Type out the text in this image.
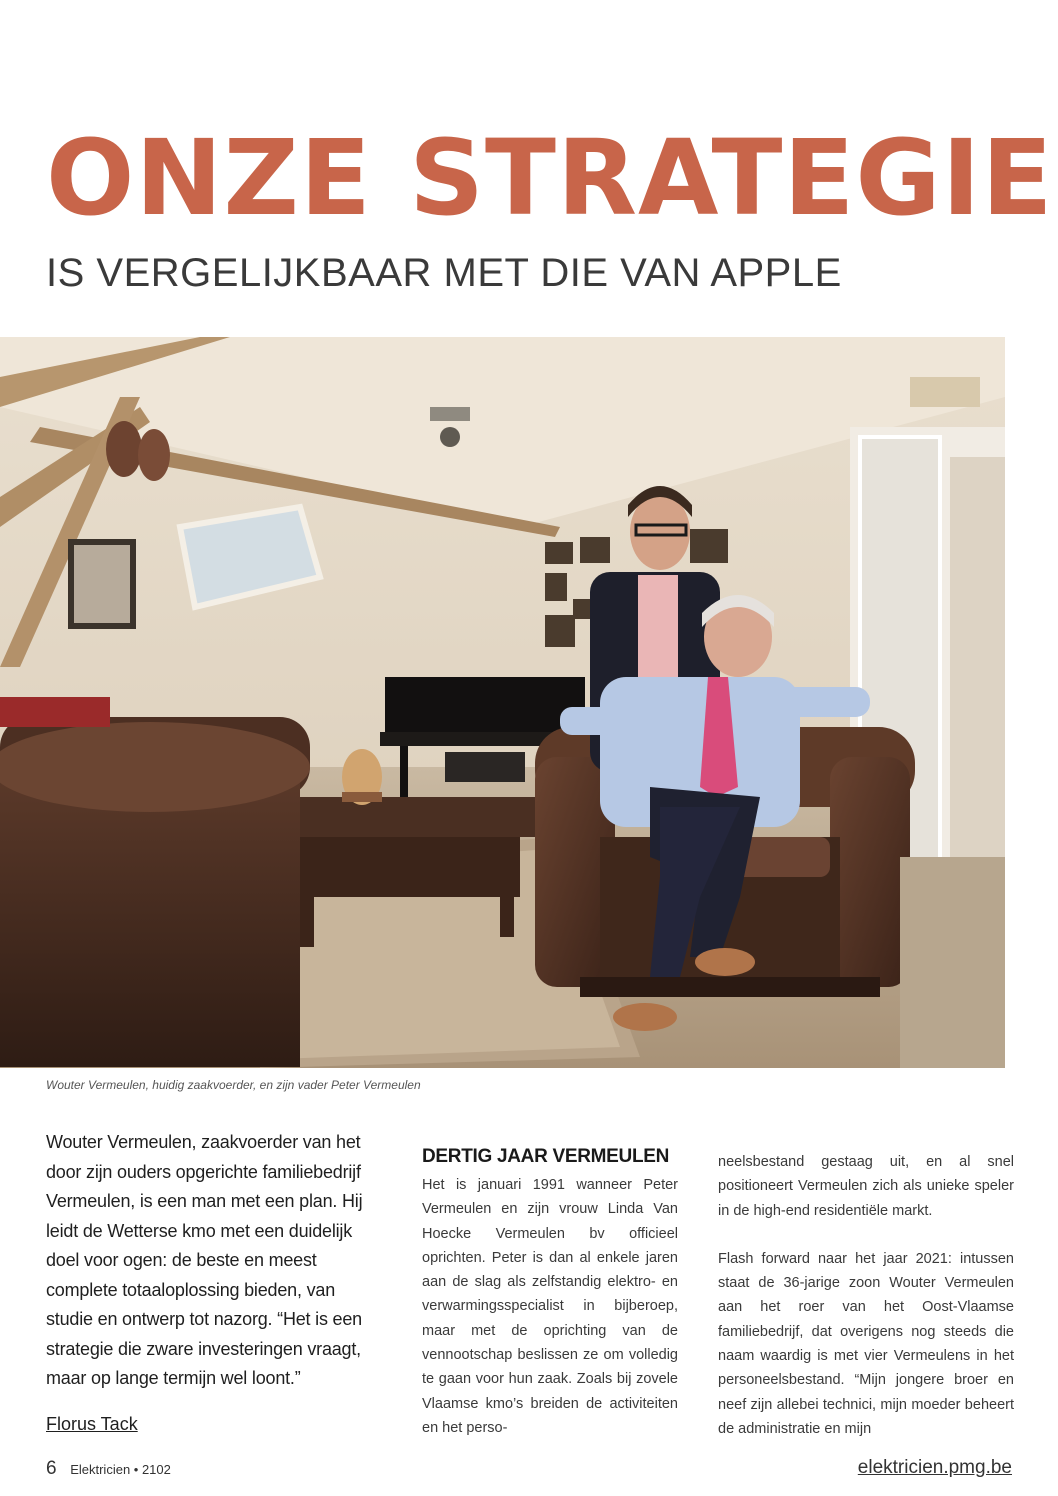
ONZE STRATEGIE
IS VERGELIJKBAAR MET DIE VAN APPLE
Wouter Vermeulen, huidig zaakvoerder, en zijn vader Peter Vermeulen

Wouter Vermeulen, zaakvoerder van het door zijn ouders opgerichte familiebedrijf Vermeulen, is een man met een plan. Hij leidt de Wetterse kmo met een duidelijk doel voor ogen: de beste en meest complete totaaloplossing bieden, van studie en ontwerp tot nazorg. “Het is een strategie die zware investeringen vraagt, maar op lange termijn wel loont.”

Florus Tack
DERTIG JAAR VERMEULEN

Het is januari 1991 wanneer Peter Vermeulen en zijn vrouw Linda Van Hoecke Vermeulen bv officieel oprichten. Peter is dan al enkele jaren aan de slag als zelfstandig elektro- en verwarmingsspecialist in bijberoep, maar met de oprichting van de vennootschap beslissen ze om volledig te gaan voor hun zaak. Zoals bij zovele Vlaamse kmo’s breiden de activiteiten en het perso-

neelsbestand gestaag uit, en al snel positioneert Vermeulen zich als unieke speler in de high-end residentiële markt.

Flash forward naar het jaar 2021: intussen staat de 36-jarige zoon Wouter Vermeulen aan het roer van het Oost-Vlaamse familiebedrijf, dat overigens nog steeds die naam waardig is met vier Vermeulens in het personeelsbestand. “Mijn jongere broer en neef zijn allebei technici, mijn moeder beheert de administratie en mijn

6 Elektricien • 2102	elektricien.pmg.be
